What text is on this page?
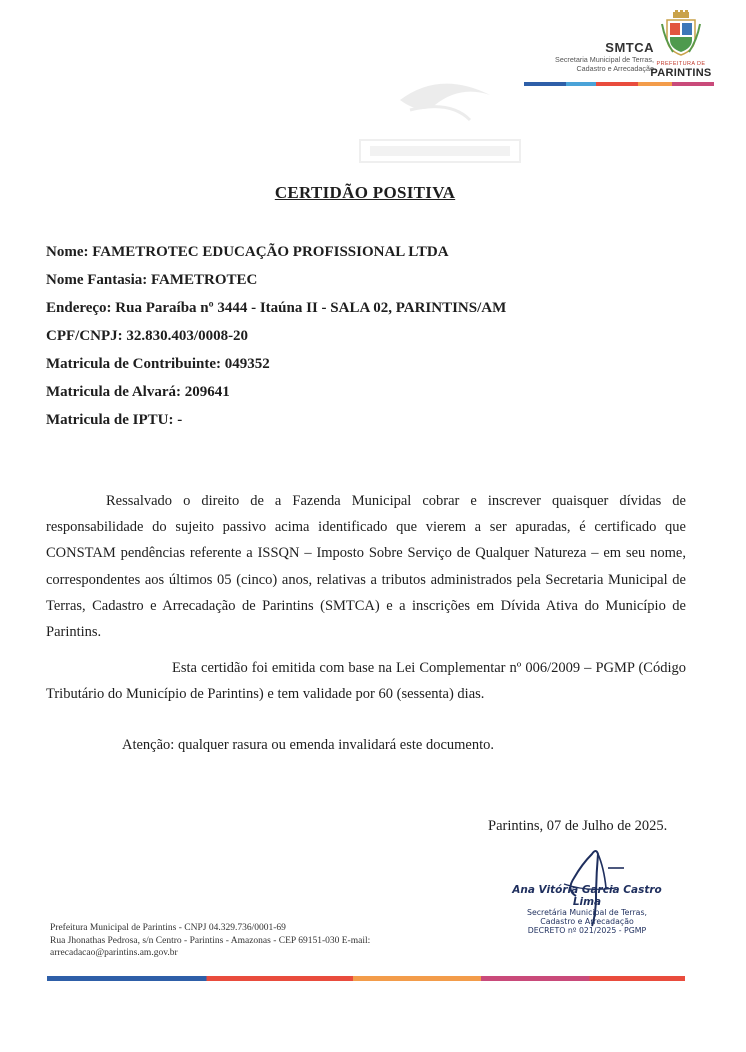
SMTCA
Secretaria Municipal de Terras,
Cadastro e Arrecadação PREFEITURA DE
PARINTINS
CERTIDÃO POSITIVA
Nome: FAMETROTEC EDUCAÇÃO PROFISSIONAL LTDA
Nome Fantasia: FAMETROTEC
Endereço: Rua Paraíba nº 3444 - Itaúna II - SALA 02, PARINTINS/AM
CPF/CNPJ: 32.830.403/0008-20
Matricula de Contribuinte: 049352
Matricula de Alvará: 209641
Matricula de IPTU: -
Ressalvado o direito de a Fazenda Municipal cobrar e inscrever quaisquer dívidas de responsabilidade do sujeito passivo acima identificado que vierem a ser apuradas, é certificado que CONSTAM pendências referente a ISSQN – Imposto Sobre Serviço de Qualquer Natureza – em seu nome, correspondentes aos últimos 05 (cinco) anos, relativas a tributos administrados pela Secretaria Municipal de Terras, Cadastro e Arrecadação de Parintins (SMTCA) e a inscrições em Dívida Ativa do Município de Parintins.
Esta certidão foi emitida com base na Lei Complementar nº 006/2009 – PGMP (Código Tributário do Município de Parintins) e tem validade por 60 (sessenta) dias.
Atenção: qualquer rasura ou emenda invalidará este documento.
Parintins, 07 de Julho de 2025.
Ana Vitória Garcia Castro Lima
Secretária Municipal de Terras,
Cadastro e Arrecadação
DECRETO nº 021/2025 - PGMP
Prefeitura Municipal de Parintins - CNPJ 04.329.736/0001-69
Rua Jhonathas Pedrosa, s/n Centro - Parintins - Amazonas - CEP 69151-030 E-mail:
arrecadacao@parintins.am.gov.br
